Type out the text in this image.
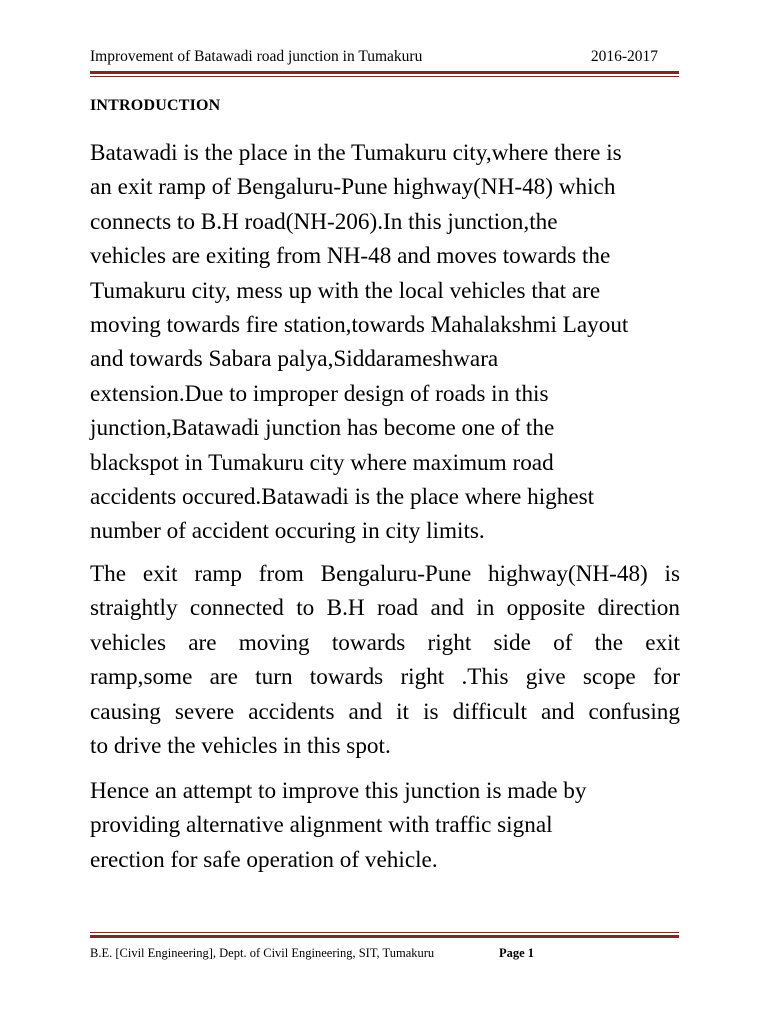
Improvement of Batawadi road junction in Tumakuru	2016-2017
INTRODUCTION
Batawadi is the place in the Tumakuru city,where there is
an exit ramp of Bengaluru-Pune highway(NH-48) which
connects to B.H road(NH-206).In this junction,the
vehicles are exiting from NH-48 and moves towards the
Tumakuru city, mess up with the local vehicles that are
moving towards fire station,towards Mahalakshmi Layout
and towards Sabara palya,Siddarameshwara
extension.Due to improper design of roads in this
junction,Batawadi junction has become one of the
blackspot in Tumakuru city where maximum road
accidents occured.Batawadi is the place where highest
number of accident occuring in city limits.
The exit ramp from Bengaluru-Pune highway(NH-48) is
straightly connected to B.H road and in opposite direction
vehicles are moving towards right side of the exit
ramp,some are turn towards right .This give scope for
causing severe accidents and it is difficult and confusing
to drive the vehicles in this spot.
Hence an attempt to improve this junction is made by
providing alternative alignment with traffic signal
erection for safe operation of vehicle.
B.E. [Civil Engineering], Dept. of Civil Engineering, SIT, Tumakuru	Page 1
